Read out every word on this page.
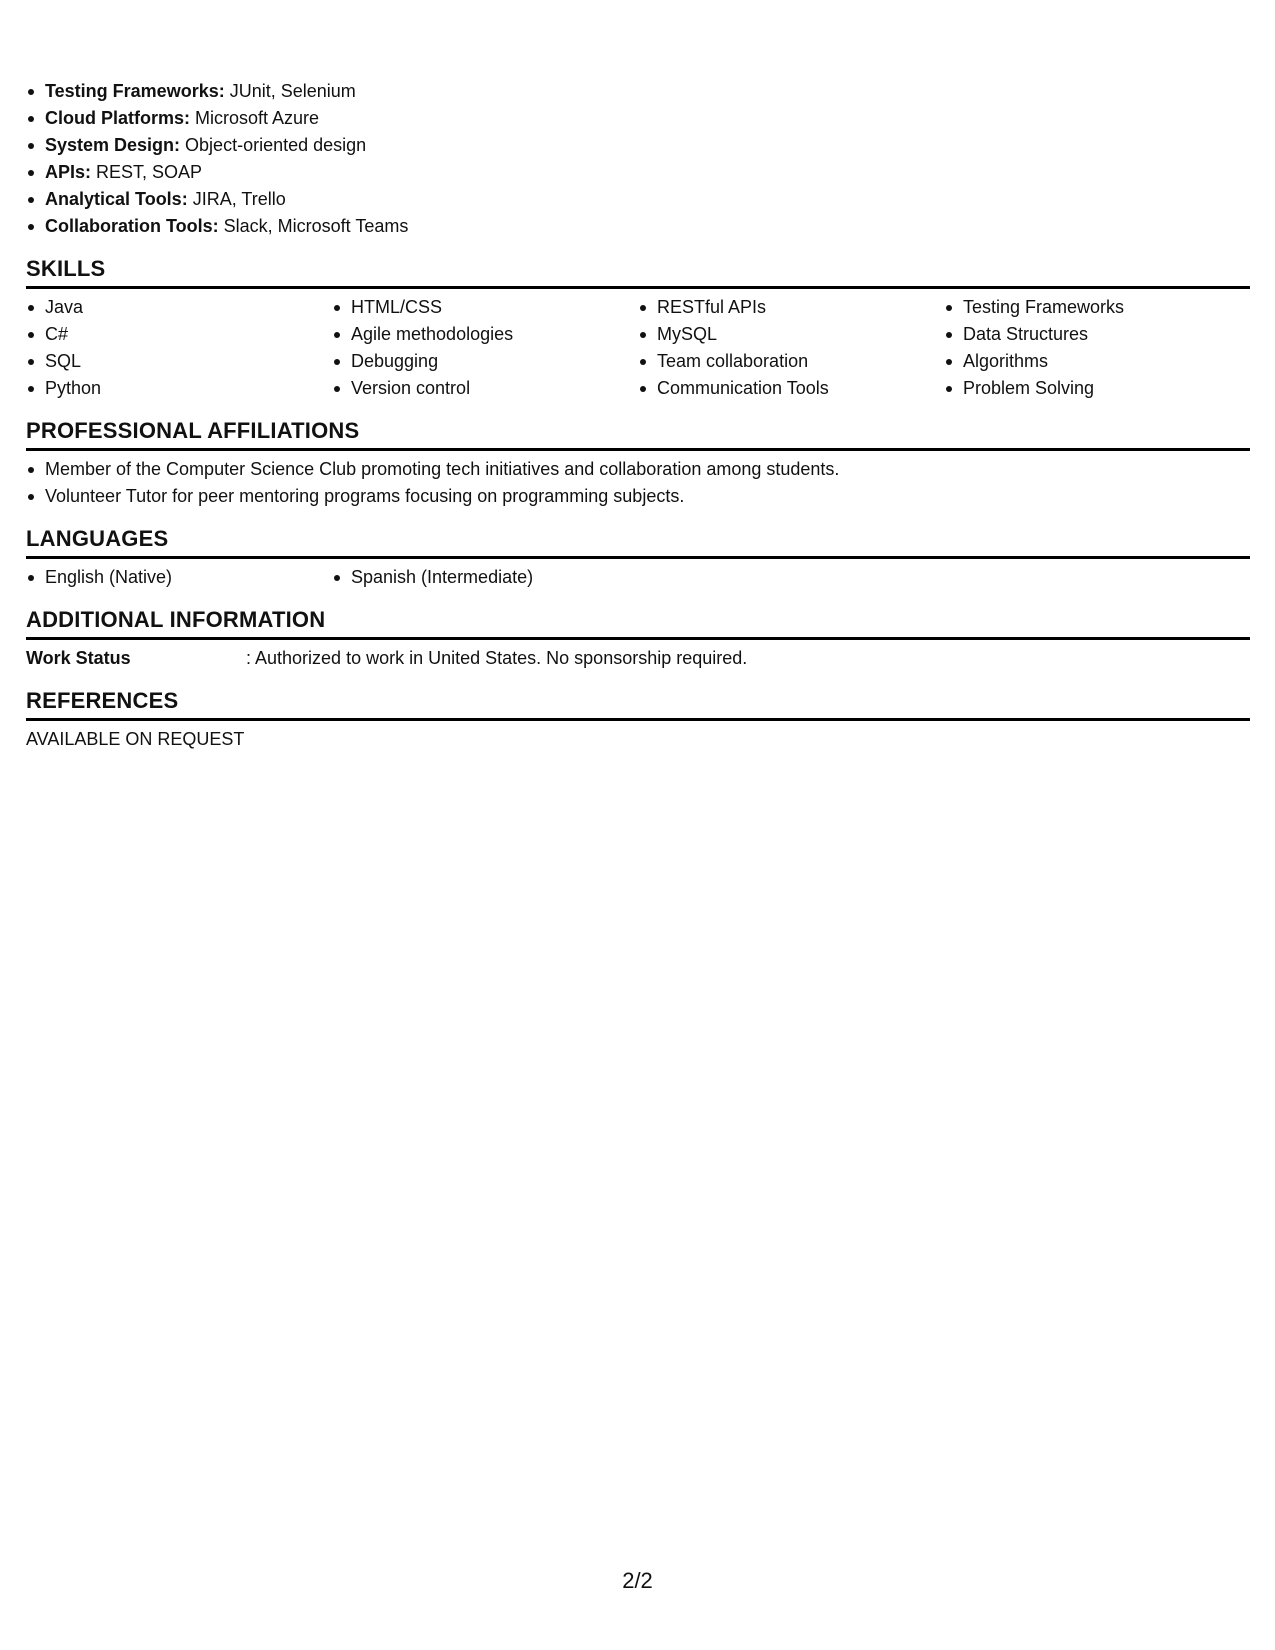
Testing Frameworks: JUnit, Selenium
Cloud Platforms: Microsoft Azure
System Design: Object-oriented design
APIs: REST, SOAP
Analytical Tools: JIRA, Trello
Collaboration Tools: Slack, Microsoft Teams
SKILLS
Java
C#
SQL
Python
HTML/CSS
Agile methodologies
Debugging
Version control
RESTful APIs
MySQL
Team collaboration
Communication Tools
Testing Frameworks
Data Structures
Algorithms
Problem Solving
PROFESSIONAL AFFILIATIONS
Member of the Computer Science Club promoting tech initiatives and collaboration among students.
Volunteer Tutor for peer mentoring programs focusing on programming subjects.
LANGUAGES
English (Native)	Spanish (Intermediate)
ADDITIONAL INFORMATION
Work Status	: Authorized to work in United States. No sponsorship required.
REFERENCES
AVAILABLE ON REQUEST
2/2
